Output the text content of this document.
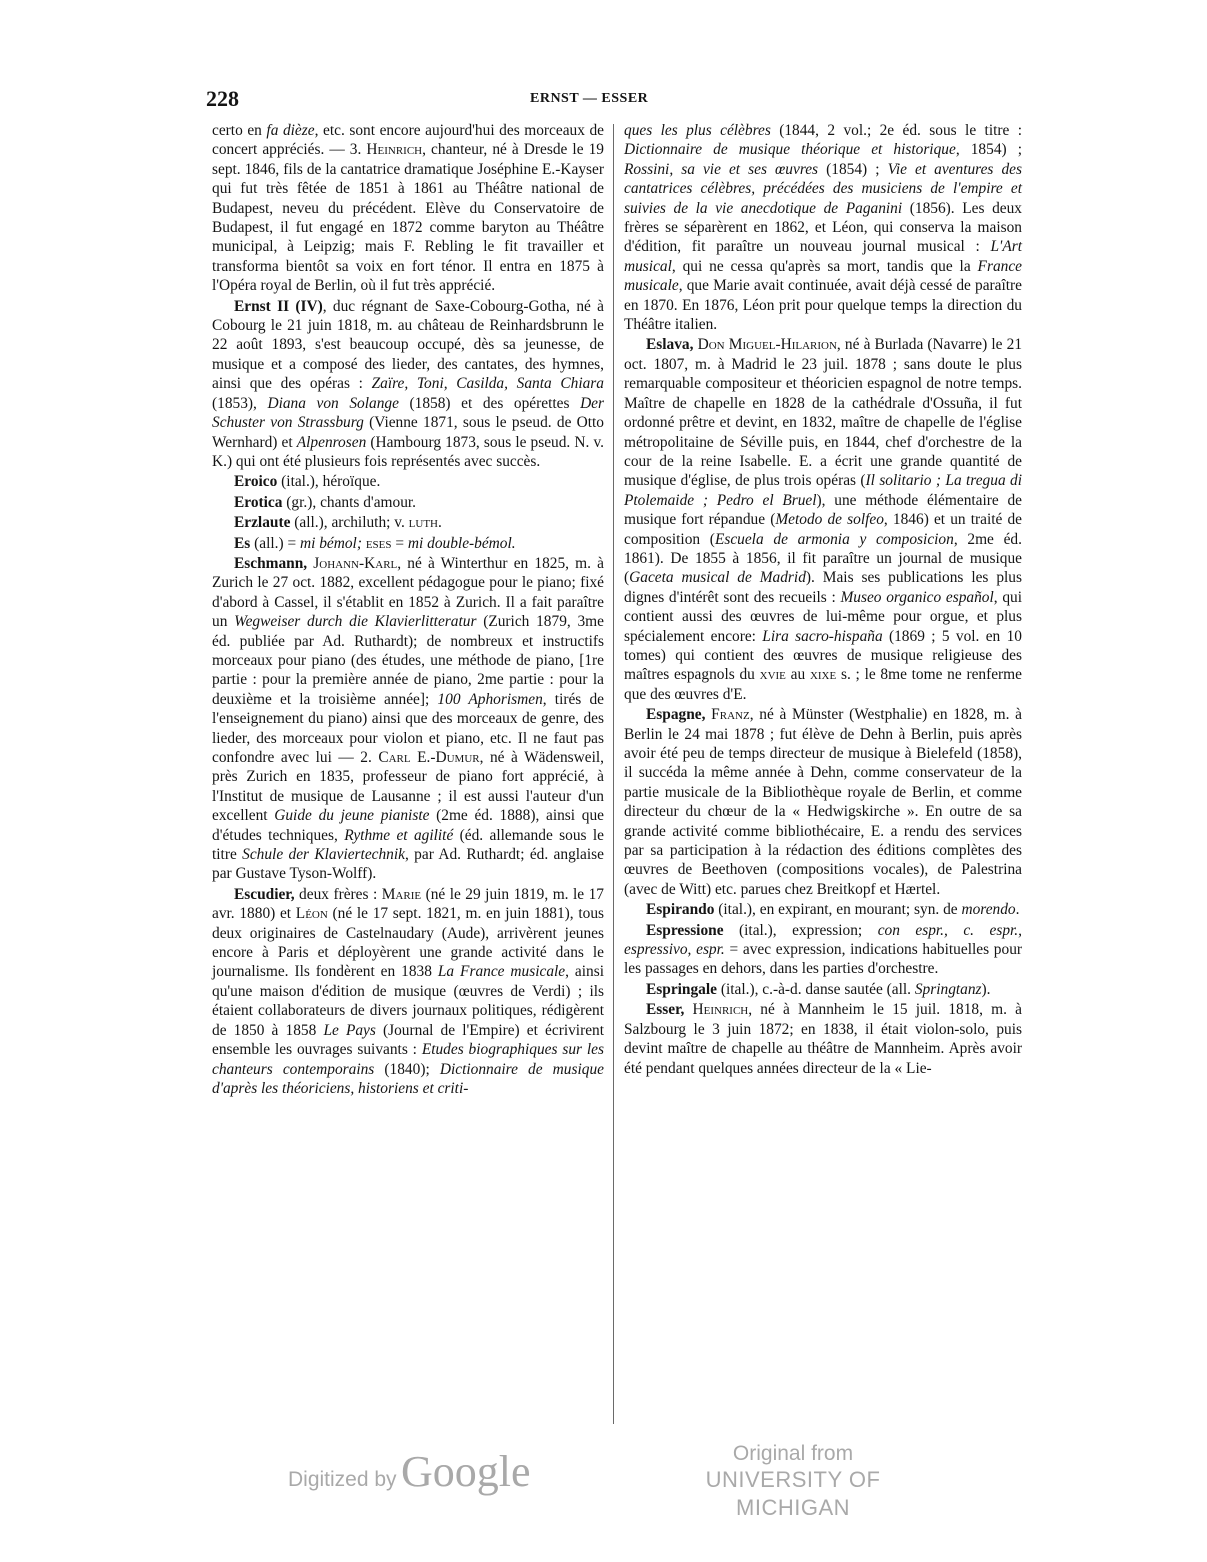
228	ERNST — ESSER

certo en fa dièze, etc. sont encore aujourd'hui des morceaux de concert appréciés. — 3. Heinrich, chanteur, né à Dresde le 19 sept. 1846, fils de la cantatrice dramatique Joséphine E.-Kayser qui fut très fêtée de 1851 à 1861 au Théâtre national de Budapest, neveu du précédent. Elève du Conservatoire de Budapest, il fut engagé en 1872 comme baryton au Théâtre municipal, à Leipzig; mais F. Rebling le fit travailler et transforma bientôt sa voix en fort ténor. Il entra en 1875 à l'Opéra royal de Berlin, où il fut très apprécié.

Ernst II (IV), duc régnant de Saxe-Cobourg-Gotha, né à Cobourg le 21 juin 1818, m. au château de Reinhardsbrunn le 22 août 1893, s'est beaucoup occupé, dès sa jeunesse, de musique et a composé des lieder, des cantates, des hymnes, ainsi que des opéras : Zaïre, Toni, Casilda, Santa Chiara (1853), Diana von Solange (1858) et des opérettes Der Schuster von Strassburg (Vienne 1871, sous le pseud. de Otto Wernhard) et Alpenrosen (Hambourg 1873, sous le pseud. N. v. K.) qui ont été plusieurs fois représentés avec succès.

Eroico (ital.), héroïque.

Erotica (gr.), chants d'amour.

Erzlaute (all.), archiluth; v. luth.

Es (all.) = mi bémol; eses = mi double-bémol.

Eschmann, Johann-Karl, né à Winterthur en 1825, m. à Zurich le 27 oct. 1882, excellent pédagogue pour le piano; fixé d'abord à Cassel, il s'établit en 1852 à Zurich. Il a fait paraître un Wegweiser durch die Klavierlitteratur (Zurich 1879, 3me éd. publiée par Ad. Ruthardt); de nombreux et instructifs morceaux pour piano (des études, une méthode de piano, [1re partie : pour la première année de piano, 2me partie : pour la deuxième et la troisième année]; 100 Aphorismen, tirés de l'enseignement du piano) ainsi que des morceaux de genre, des lieder, des morceaux pour violon et piano, etc. Il ne faut pas confondre avec lui — 2. Carl E.-Dumur, né à Wädensweil, près Zurich en 1835, professeur de piano fort apprécié, à l'Institut de musique de Lausanne ; il est aussi l'auteur d'un excellent Guide du jeune pianiste (2me éd. 1888), ainsi que d'études techniques, Rythme et agilité (éd. allemande sous le titre Schule der Klaviertechnik, par Ad. Ruthardt; éd. anglaise par Gustave Tyson-Wolff).

Escudier, deux frères : Marie (né le 29 juin 1819, m. le 17 avr. 1880) et Léon (né le 17 sept. 1821, m. en juin 1881), tous deux originaires de Castelnaudary (Aude), arrivèrent jeunes encore à Paris et déployèrent une grande activité dans le journalisme. Ils fondèrent en 1838 La France musicale, ainsi qu'une maison d'édition de musique (œuvres de Verdi) ; ils étaient collaborateurs de divers journaux politiques, rédigèrent de 1850 à 1858 Le Pays (Journal de l'Empire) et écrivirent ensemble les ouvrages suivants : Etudes biographiques sur les chanteurs contemporains (1840); Dictionnaire de musique d'après les théoriciens, historiens et criti-

ques les plus célèbres (1844, 2 vol.; 2e éd. sous le titre : Dictionnaire de musique théorique et historique, 1854) ; Rossini, sa vie et ses œuvres (1854) ; Vie et aventures des cantatrices célèbres, précédées des musiciens de l'empire et suivies de la vie anecdotique de Paganini (1856). Les deux frères se séparèrent en 1862, et Léon, qui conserva la maison d'édition, fit paraître un nouveau journal musical : L'Art musical, qui ne cessa qu'après sa mort, tandis que la France musicale, que Marie avait continuée, avait déjà cessé de paraître en 1870. En 1876, Léon prit pour quelque temps la direction du Théâtre italien.

Eslava, Don Miguel-Hilarion, né à Burlada (Navarre) le 21 oct. 1807, m. à Madrid le 23 juil. 1878 ; sans doute le plus remarquable compositeur et théoricien espagnol de notre temps. Maître de chapelle en 1828 de la cathédrale d'Ossuña, il fut ordonné prêtre et devint, en 1832, maître de chapelle de l'église métropolitaine de Séville puis, en 1844, chef d'orchestre de la cour de la reine Isabelle. E. a écrit une grande quantité de musique d'église, de plus trois opéras (Il solitario ; La tregua di Ptolemaide ; Pedro el Bruel), une méthode élémentaire de musique fort répandue (Metodo de solfeo, 1846) et un traité de composition (Escuela de armonia y composicion, 2me éd. 1861). De 1855 à 1856, il fit paraître un journal de musique (Gaceta musical de Madrid). Mais ses publications les plus dignes d'intérêt sont des recueils : Museo organico español, qui contient aussi des œuvres de lui-même pour orgue, et plus spécialement encore: Lira sacro-hispaña (1869 ; 5 vol. en 10 tomes) qui contient des œuvres de musique religieuse des maîtres espagnols du xvie au xixe s. ; le 8me tome ne renferme que des œuvres d'E.

Espagne, Franz, né à Münster (Westphalie) en 1828, m. à Berlin le 24 mai 1878 ; fut élève de Dehn à Berlin, puis après avoir été peu de temps directeur de musique à Bielefeld (1858), il succéda la même année à Dehn, comme conservateur de la partie musicale de la Bibliothèque royale de Berlin, et comme directeur du chœur de la « Hedwigskirche ». En outre de sa grande activité comme bibliothécaire, E. a rendu des services par sa participation à la rédaction des éditions complètes des œuvres de Beethoven (compositions vocales), de Palestrina (avec de Witt) etc. parues chez Breitkopf et Hærtel.

Espirando (ital.), en expirant, en mourant; syn. de morendo.

Espressione (ital.), expression; con espr., c. espr., espressivo, espr. = avec expression, indications habituelles pour les passages en dehors, dans les parties d'orchestre.

Espringale (ital.), c.-à-d. danse sautée (all. Springtanz).

Esser, Heinrich, né à Mannheim le 15 juil. 1818, m. à Salzbourg le 3 juin 1872; en 1838, il était violon-solo, puis devint maître de chapelle au théâtre de Mannheim. Après avoir été pendant quelques années directeur de la « Lie-

Digitized by Google	Original from
UNIVERSITY OF MICHIGAN
